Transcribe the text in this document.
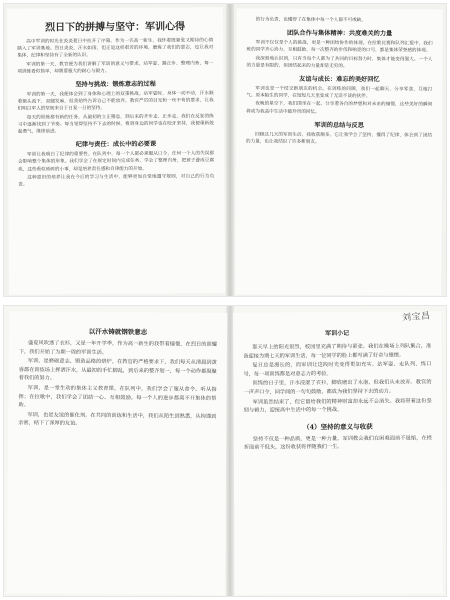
烈日下的拼搏与坚守：军训心得

高中军训的时光在炎炎夏日中拉开了序幕，作为一名高一新生，我怀着既紧张又期待的心情踏入了军训基地。烈日炎炎，汗水如雨，但正是这样艰苦的环境，磨炼了我们的意志，也让我对集体、纪律和坚持有了全新的认识。

军训的第一天，教官便为我们讲解了军训的意义与要求。站军姿、踢正步、整理内务，每一项训练看似简单，却需要极大的耐心与毅力。

坚持与挑战：锻炼意志的过程

军训的第一天，我便体会到了身体和心理上的双重挑战。站军姿时，身体一动不动，汗水顺着额头流下，双腿发麻，但我始终告诉自己不能放弃。教官严厉的目光和一丝不苟的要求，让我们明白军人的坚韧来自于日复一日的坚持。

每天的训练都有新的任务，从最初的立正稍息，到后来的齐步走、正步走，我们在反复的练习中逐渐找到了节奏。每当觉得坚持不下去的时候，看到身边的同学也在咬牙坚持，我便重新鼓起勇气，继续前进。

纪律与责任：成长中的必要课

军训让我明白了纪律的重要性。在队列中，每一个人都必须服从口令，任何一个人的失误都会影响整个集体的形象。我们学会了在规定时间内完成任务，学会了整理内务，把被子叠成豆腐块，这些看似琐碎的小事，却是培养责任感和自律能力的开始。

这种意识的培养让我在今后的学习与生活中，能够更加自觉地遵守规则，对自己的行为负责。

的行为负责，也懂得了在集体中每一个人都不可或缺。

团队合作与集体精神：共度难关的力量

军训不仅仅是个人的挑战，更是一种团结协作的体现。在拉歌比赛和队列汇报中，我们班的同学齐心协力，互相鼓励，每一次整齐的步伐和响亮的口号，都是集体荣誉感的体现。

我深刻地认识到，只有当每个人都为了共同的目标努力时，集体才能变得强大。一个人的力量是有限的，但团结起来的力量却是无穷的。

友谊与成长：难忘的美好回忆

军训也是一个结交新朋友的机会。在训练的间隙，我们一起聊天、分享零食，互相打气。原本陌生的同学，在短短几天里变成了无话不谈的伙伴。

夜晚的星空下，我们围坐在一起，分享着各自的梦想和对未来的憧憬，这些美好的瞬间将成为我高中生活中最珍贵的回忆。

军训的总结与反思

回顾这几天的军训生活，我收获颇多。它让我学会了坚持，懂得了纪律，体会到了团结的力量，也让我结识了许多新朋友。

以汗水铸就钢铁意志

盛夏风吹透了衣衫，又是一年开学季。作为高一新生的我带着憧憬，在烈日的照耀下，我们开始了为期一周的军训生活。

军训，是磨砺意志、锻造品格的熔炉。在教官的严格要求下，我们每天从清晨到黄昏都在训练场上挥洒汗水，从最初的手忙脚乱，到后来的整齐划一，每一个动作都凝聚着我们的努力。

军训，是一堂生动的集体主义教育课。在队列中，我们学会了服从命令、听从指挥；在拉歌中，我们学会了团结一心、互相鼓励。每一个人的进步都离不开集体的帮助。

军训，也是友谊的催化剂。在共同的训练和生活中，我们从陌生到熟悉，从拘谨到亲密，结下了深厚的友谊。

刘宝昌
军训小记

那天早上的阳光很烈，校园里充满了期待与紧张。我们在操场上列队集合，准备迎接为期七天的军训生活，每一位同学的脸上都写满了好奇与憧憬。

复日总是漫长的，而军训让这段时光变得更加充实。站军姿、走队列、练口号，每一项训练都是对意志力的考验。

训练的日子里，汗水浸湿了衣衫，脚底磨出了水泡，但我们从未放弃。教官的一声声口令，同学间的一句句鼓励，都成为我们坚持下去的动力。

军训虽然结束了，但它留给我们的精神财富却永远不会消失。我将带着这份坚韧与毅力，迎接高中生活中的每一个挑战。

（4）坚持的意义与收获

坚持不仅是一种品质，更是一种力量。军训教会我们在困难面前不退缩，在挫折面前不低头，这份收获将伴随我们一生。
